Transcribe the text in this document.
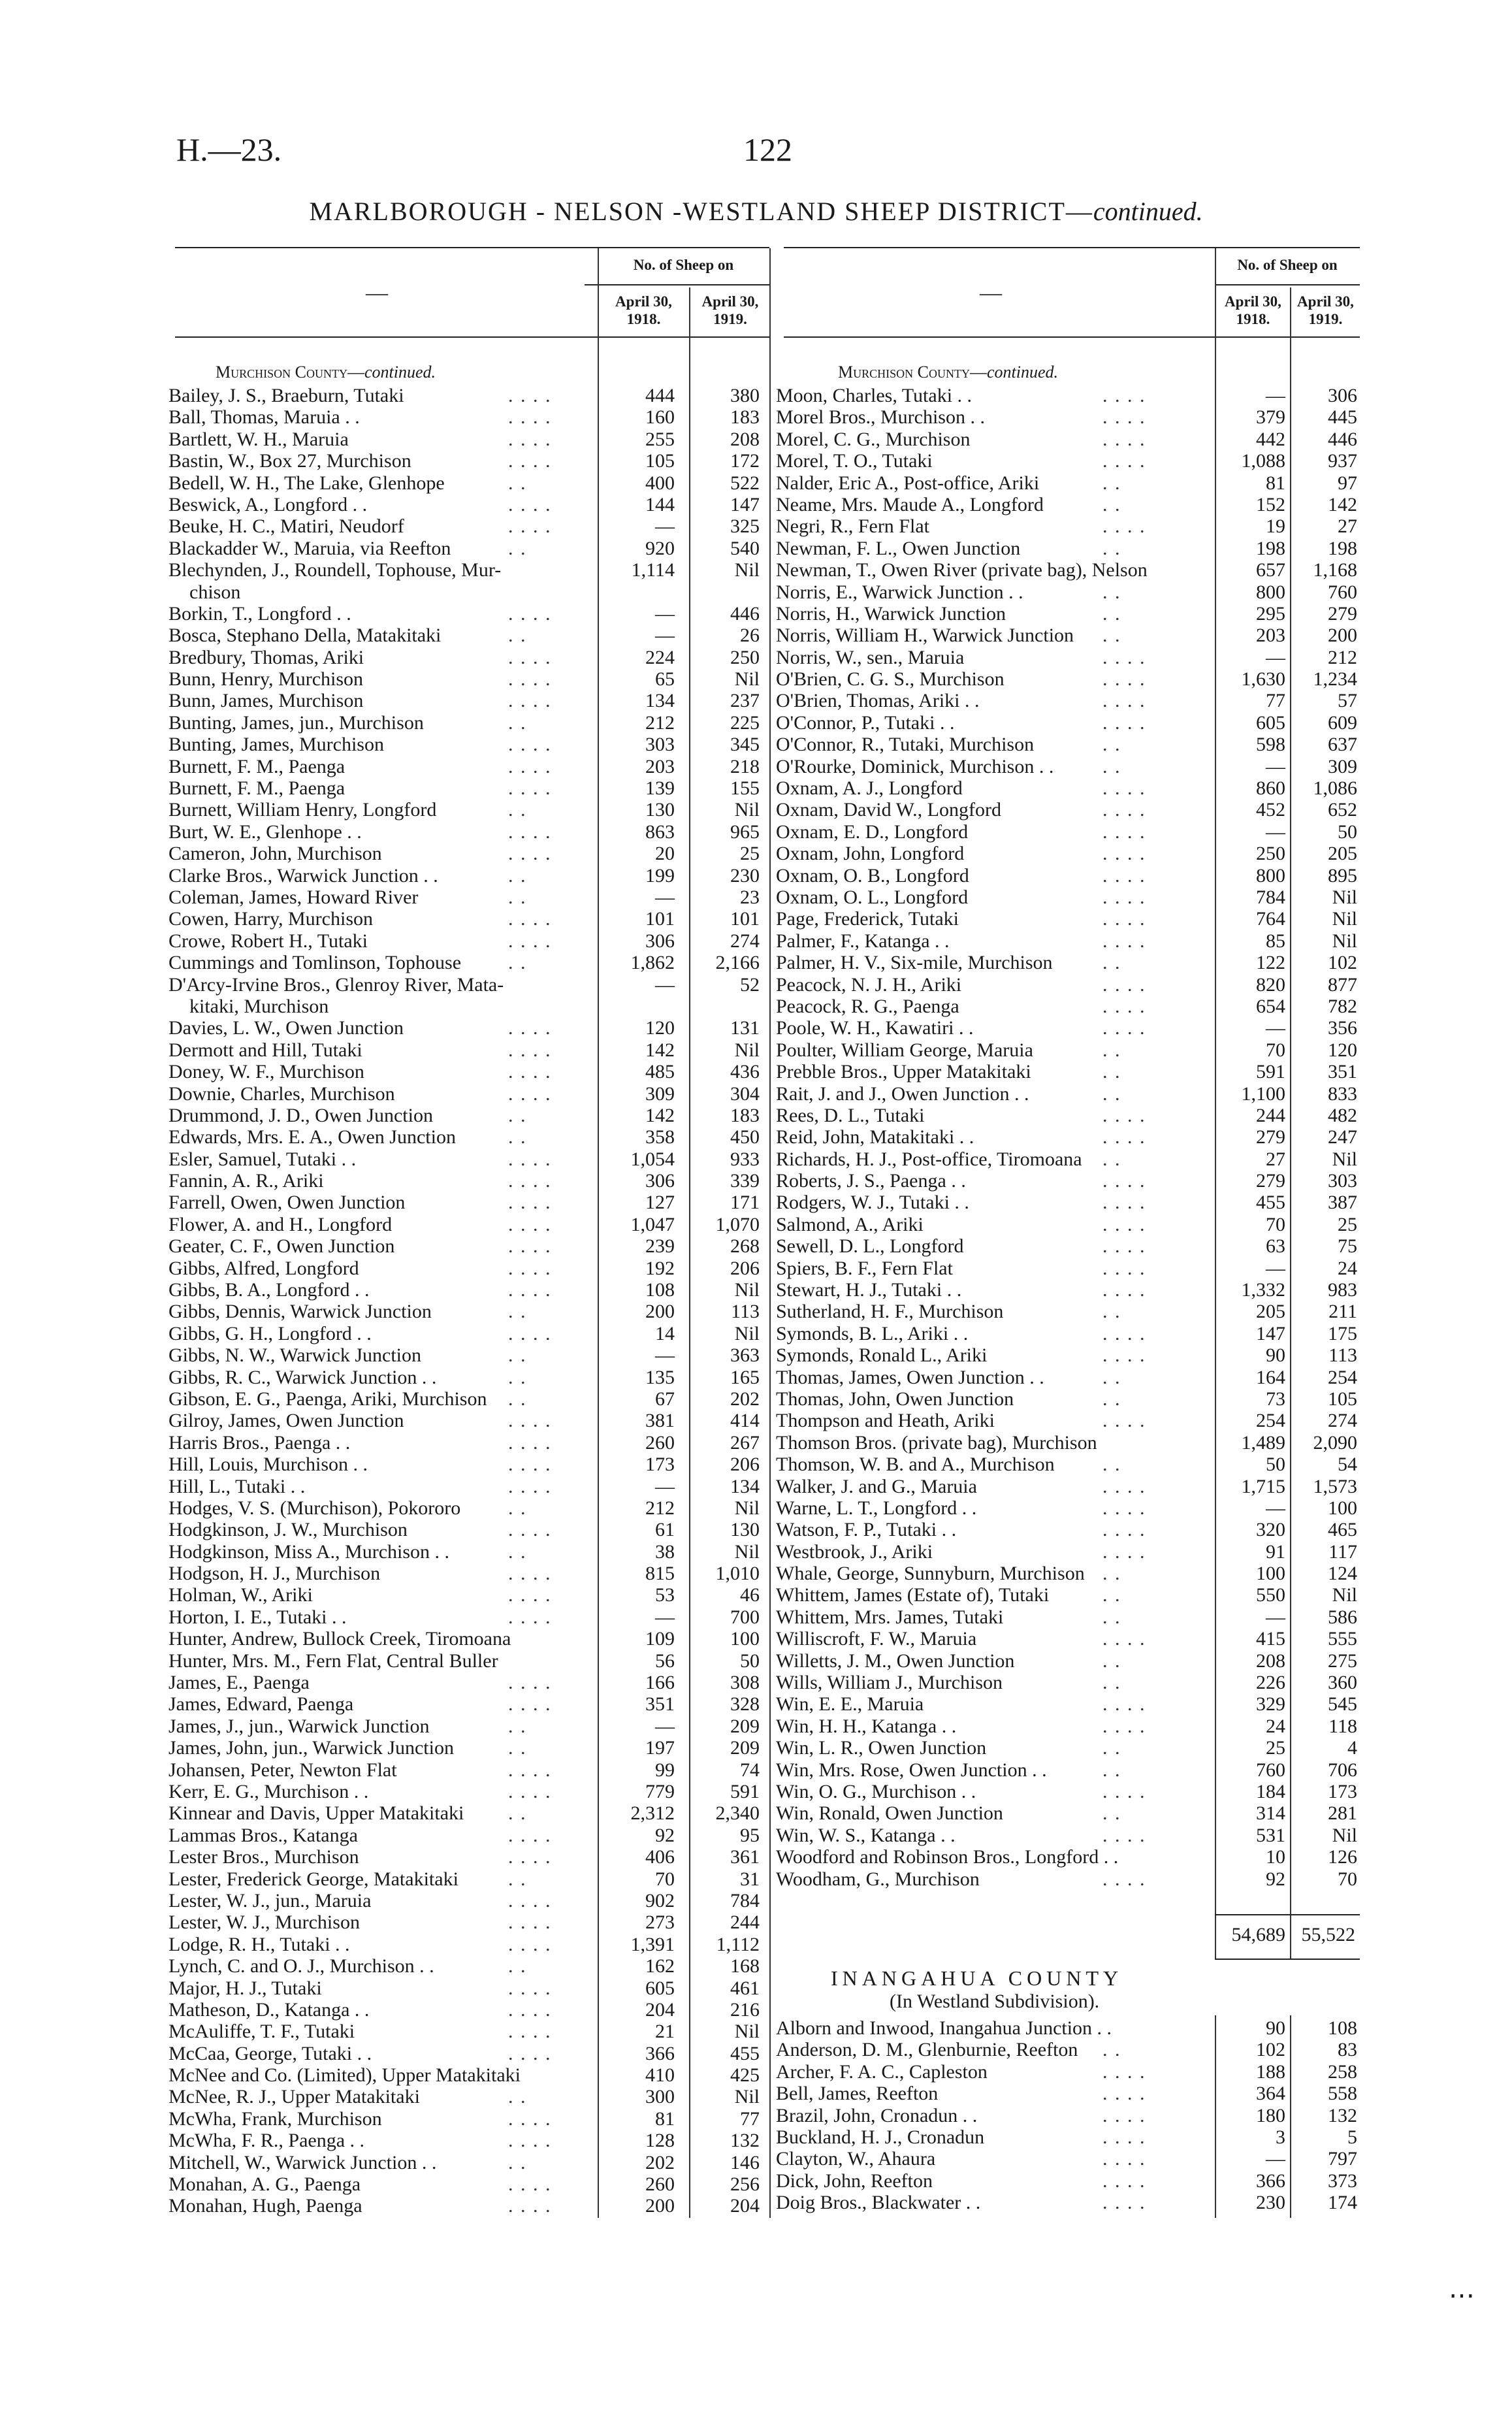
H.—23.	122
MARLBOROUGH - NELSON -WESTLAND SHEEP DISTRICT—continued.
—
No. of Sheep on
April 30,
1918.
April 30,
1919.
—
No. of Sheep on
April 30,
1918.
April 30,
1919.
Murchison County—continued.	Murchison County—continued.
Bailey, J. S., Braeburn, Tutaki	. . . .	444	380
Ball, Thomas, Maruia . .	. . . .	160	183
Bartlett, W. H., Maruia	. . . .	255	208
Bastin, W., Box 27, Murchison	. . . .	105	172
Bedell, W. H., The Lake, Glenhope	. .	400	522
Beswick, A., Longford . .	. . . .	144	147
Beuke, H. C., Matiri, Neudorf	. . . .	—	325
Blackadder W., Maruia, via Reefton	. .	920	540
Blechynden, J., Roundell, Tophouse, Mur-	1,114	Nil
chison
Borkin, T., Longford . .	. . . .	—	446
Bosca, Stephano Della, Matakitaki	. .	—	26
Bredbury, Thomas, Ariki	. . . .	224	250
Bunn, Henry, Murchison	. . . .	65	Nil
Bunn, James, Murchison	. . . .	134	237
Bunting, James, jun., Murchison	. .	212	225
Bunting, James, Murchison	. . . .	303	345
Burnett, F. M., Paenga	. . . .	203	218
Burnett, F. M., Paenga	. . . .	139	155
Burnett, William Henry, Longford	. .	130	Nil
Burt, W. E., Glenhope . .	. . . .	863	965
Cameron, John, Murchison	. . . .	20	25
Clarke Bros., Warwick Junction . .	. .	199	230
Coleman, James, Howard River	. .	—	23
Cowen, Harry, Murchison	. . . .	101	101
Crowe, Robert H., Tutaki	. . . .	306	274
Cummings and Tomlinson, Tophouse . .	1,862	2,166
D'Arcy-Irvine Bros., Glenroy River, Mata-	—	52
kitaki, Murchison
Davies, L. W., Owen Junction	. . . .	120	131
Dermott and Hill, Tutaki	. . . .	142	Nil
Doney, W. F., Murchison	. . . .	485	436
Downie, Charles, Murchison	. . . .	309	304
Drummond, J. D., Owen Junction	. .	142	183
Edwards, Mrs. E. A., Owen Junction	. .	358	450
Esler, Samuel, Tutaki . .	. . . .	1,054	933
Fannin, A. R., Ariki	. . . .	306	339
Farrell, Owen, Owen Junction	. . . .	127	171
Flower, A. and H., Longford	. . . .	1,047	1,070
Geater, C. F., Owen Junction	. . . .	239	268
Gibbs, Alfred, Longford	. . . .	192	206
Gibbs, B. A., Longford . .	. . . .	108	Nil
Gibbs, Dennis, Warwick Junction	. .	200	113
Gibbs, G. H., Longford . .	. . . .	14	Nil
Gibbs, N. W., Warwick Junction	. .	—	363
Gibbs, R. C., Warwick Junction . .	. .	135	165
Gibson, E. G., Paenga, Ariki, Murchison . .	67	202
Gilroy, James, Owen Junction	. . . .	381	414
Harris Bros., Paenga . .	. . . .	260	267
Hill, Louis, Murchison . .	. . . .	173	206
Hill, L., Tutaki . .	. . . .	—	134
Hodges, V. S. (Murchison), Pokororo . .	212	Nil
Hodgkinson, J. W., Murchison	. . . .	61	130
Hodgkinson, Miss A., Murchison . .	. .	38	Nil
Hodgson, H. J., Murchison	. . . .	815	1,010
Holman, W., Ariki	. . . .	53	46
Horton, I. E., Tutaki . .	. . . .	—	700
Hunter, Andrew, Bullock Creek, Tiromoana	109	100
Hunter, Mrs. M., Fern Flat, Central Buller	56	50
James, E., Paenga	. . . .	166	308
James, Edward, Paenga	. . . .	351	328
James, J., jun., Warwick Junction	. .	—	209
James, John, jun., Warwick Junction	. .	197	209
Johansen, Peter, Newton Flat	. . . .	99	74
Kerr, E. G., Murchison . .	. . . .	779	591
Kinnear and Davis, Upper Matakitaki . .	2,312	2,340
Lammas Bros., Katanga	. . . .	92	95
Lester Bros., Murchison	. . . .	406	361
Lester, Frederick George, Matakitaki	. .	70	31
Lester, W. J., jun., Maruia	. . . .	902	784
Lester, W. J., Murchison	. . . .	273	244
Lodge, R. H., Tutaki . .	. . . .	1,391	1,112
Lynch, C. and O. J., Murchison . .	. .	162	168
Major, H. J., Tutaki	. . . .	605	461
Matheson, D., Katanga . .	. . . .	204	216
McAuliffe, T. F., Tutaki	. . . .	21	Nil
McCaa, George, Tutaki . .	. . . .	366	455
McNee and Co. (Limited), Upper Matakitaki	410	425
McNee, R. J., Upper Matakitaki	. .	300	Nil
McWha, Frank, Murchison	. . . .	81	77
McWha, F. R., Paenga . .	. . . .	128	132
Mitchell, W., Warwick Junction . .	. .	202	146
Monahan, A. G., Paenga	. . . .	260	256
Monahan, Hugh, Paenga	. . . .	200	204
Moon, Charles, Tutaki . .	. . . .	—	306
Morel Bros., Murchison . .	. . . .	379	445
Morel, C. G., Murchison	. . . .	442	446
Morel, T. O., Tutaki	. . . .	1,088	937
Nalder, Eric A., Post-office, Ariki	. .	81	97
Neame, Mrs. Maude A., Longford	. .	152	142
Negri, R., Fern Flat	. . . .	19	27
Newman, F. L., Owen Junction	. .	198	198
Newman, T., Owen River (private bag), Nelson	657	1,168
Norris, E., Warwick Junction . .	. .	800	760
Norris, H., Warwick Junction	. .	295	279
Norris, William H., Warwick Junction . .	203	200
Norris, W., sen., Maruia	. . . .	—	212
O'Brien, C. G. S., Murchison	. . . .	1,630	1,234
O'Brien, Thomas, Ariki . .	. . . .	77	57
O'Connor, P., Tutaki . .	. . . .	605	609
O'Connor, R., Tutaki, Murchison	. .	598	637
O'Rourke, Dominick, Murchison . . . .	—	309
Oxnam, A. J., Longford	. . . .	860	1,086
Oxnam, David W., Longford	. . . .	452	652
Oxnam, E. D., Longford	. . . .	—	50
Oxnam, John, Longford	. . . .	250	205
Oxnam, O. B., Longford	. . . .	800	895
Oxnam, O. L., Longford	. . . .	784	Nil
Page, Frederick, Tutaki	. . . .	764	Nil
Palmer, F., Katanga . .	. . . .	85	Nil
Palmer, H. V., Six-mile, Murchison	. .	122	102
Peacock, N. J. H., Ariki	. . . .	820	877
Peacock, R. G., Paenga	. . . .	654	782
Poole, W. H., Kawatiri . .	. . . .	—	356
Poulter, William George, Maruia	. .	70	120
Prebble Bros., Upper Matakitaki	. .	591	351
Rait, J. and J., Owen Junction . .	. .	1,100	833
Rees, D. L., Tutaki	. . . .	244	482
Reid, John, Matakitaki . .	. . . .	279	247
Richards, H. J., Post-office, Tiromoana . .	27	Nil
Roberts, J. S., Paenga . .	. . . .	279	303
Rodgers, W. J., Tutaki . .	. . . .	455	387
Salmond, A., Ariki	. . . .	70	25
Sewell, D. L., Longford	. . . .	63	75
Spiers, B. F., Fern Flat	. . . .	—	24
Stewart, H. J., Tutaki . .	. . . .	1,332	983
Sutherland, H. F., Murchison	. .	205	211
Symonds, B. L., Ariki . .	. . . .	147	175
Symonds, Ronald L., Ariki	. . . .	90	113
Thomas, James, Owen Junction . .	. .	164	254
Thomas, John, Owen Junction	. .	73	105
Thompson and Heath, Ariki	. . . .	254	274
Thomson Bros. (private bag), Murchison	1,489	2,090
Thomson, W. B. and A., Murchison . .	50	54
Walker, J. and G., Maruia	. . . .	1,715	1,573
Warne, L. T., Longford . .	. . . .	—	100
Watson, F. P., Tutaki . .	. . . .	320	465
Westbrook, J., Ariki	. . . .	91	117
Whale, George, Sunnyburn, Murchison . .	100	124
Whittem, James (Estate of), Tutaki	. .	550	Nil
Whittem, Mrs. James, Tutaki	. .	—	586
Williscroft, F. W., Maruia	. . . .	415	555
Willetts, J. M., Owen Junction	. .	208	275
Wills, William J., Murchison	. .	226	360
Win, E. E., Maruia	. . . .	329	545
Win, H. H., Katanga . .	. . . .	24	118
Win, L. R., Owen Junction	. .	25	4
Win, Mrs. Rose, Owen Junction . .	. .	760	706
Win, O. G., Murchison . .	. . . .	184	173
Win, Ronald, Owen Junction	. .	314	281
Win, W. S., Katanga . .	. . . .	531	Nil
Woodford and Robinson Bros., Longford . .	10	126
Woodham, G., Murchison	. . . .	92	70
54,689 55,522
INANGAHUA COUNTY
(In Westland Subdivision).
Alborn and Inwood, Inangahua Junction . .	90	108
Anderson, D. M., Glenburnie, Reefton . .	102	83
Archer, F. A. C., Capleston	. . . .	188	258
Bell, James, Reefton	. . . .	364	558
Brazil, John, Cronadun . .	. . . .	180	132
Buckland, H. J., Cronadun	. . . .	3	5
Clayton, W., Ahaura	. . . .	—	797
Dick, John, Reefton	. . . .	366	373
Doig Bros., Blackwater . .	. . . .	230	174
⋯
